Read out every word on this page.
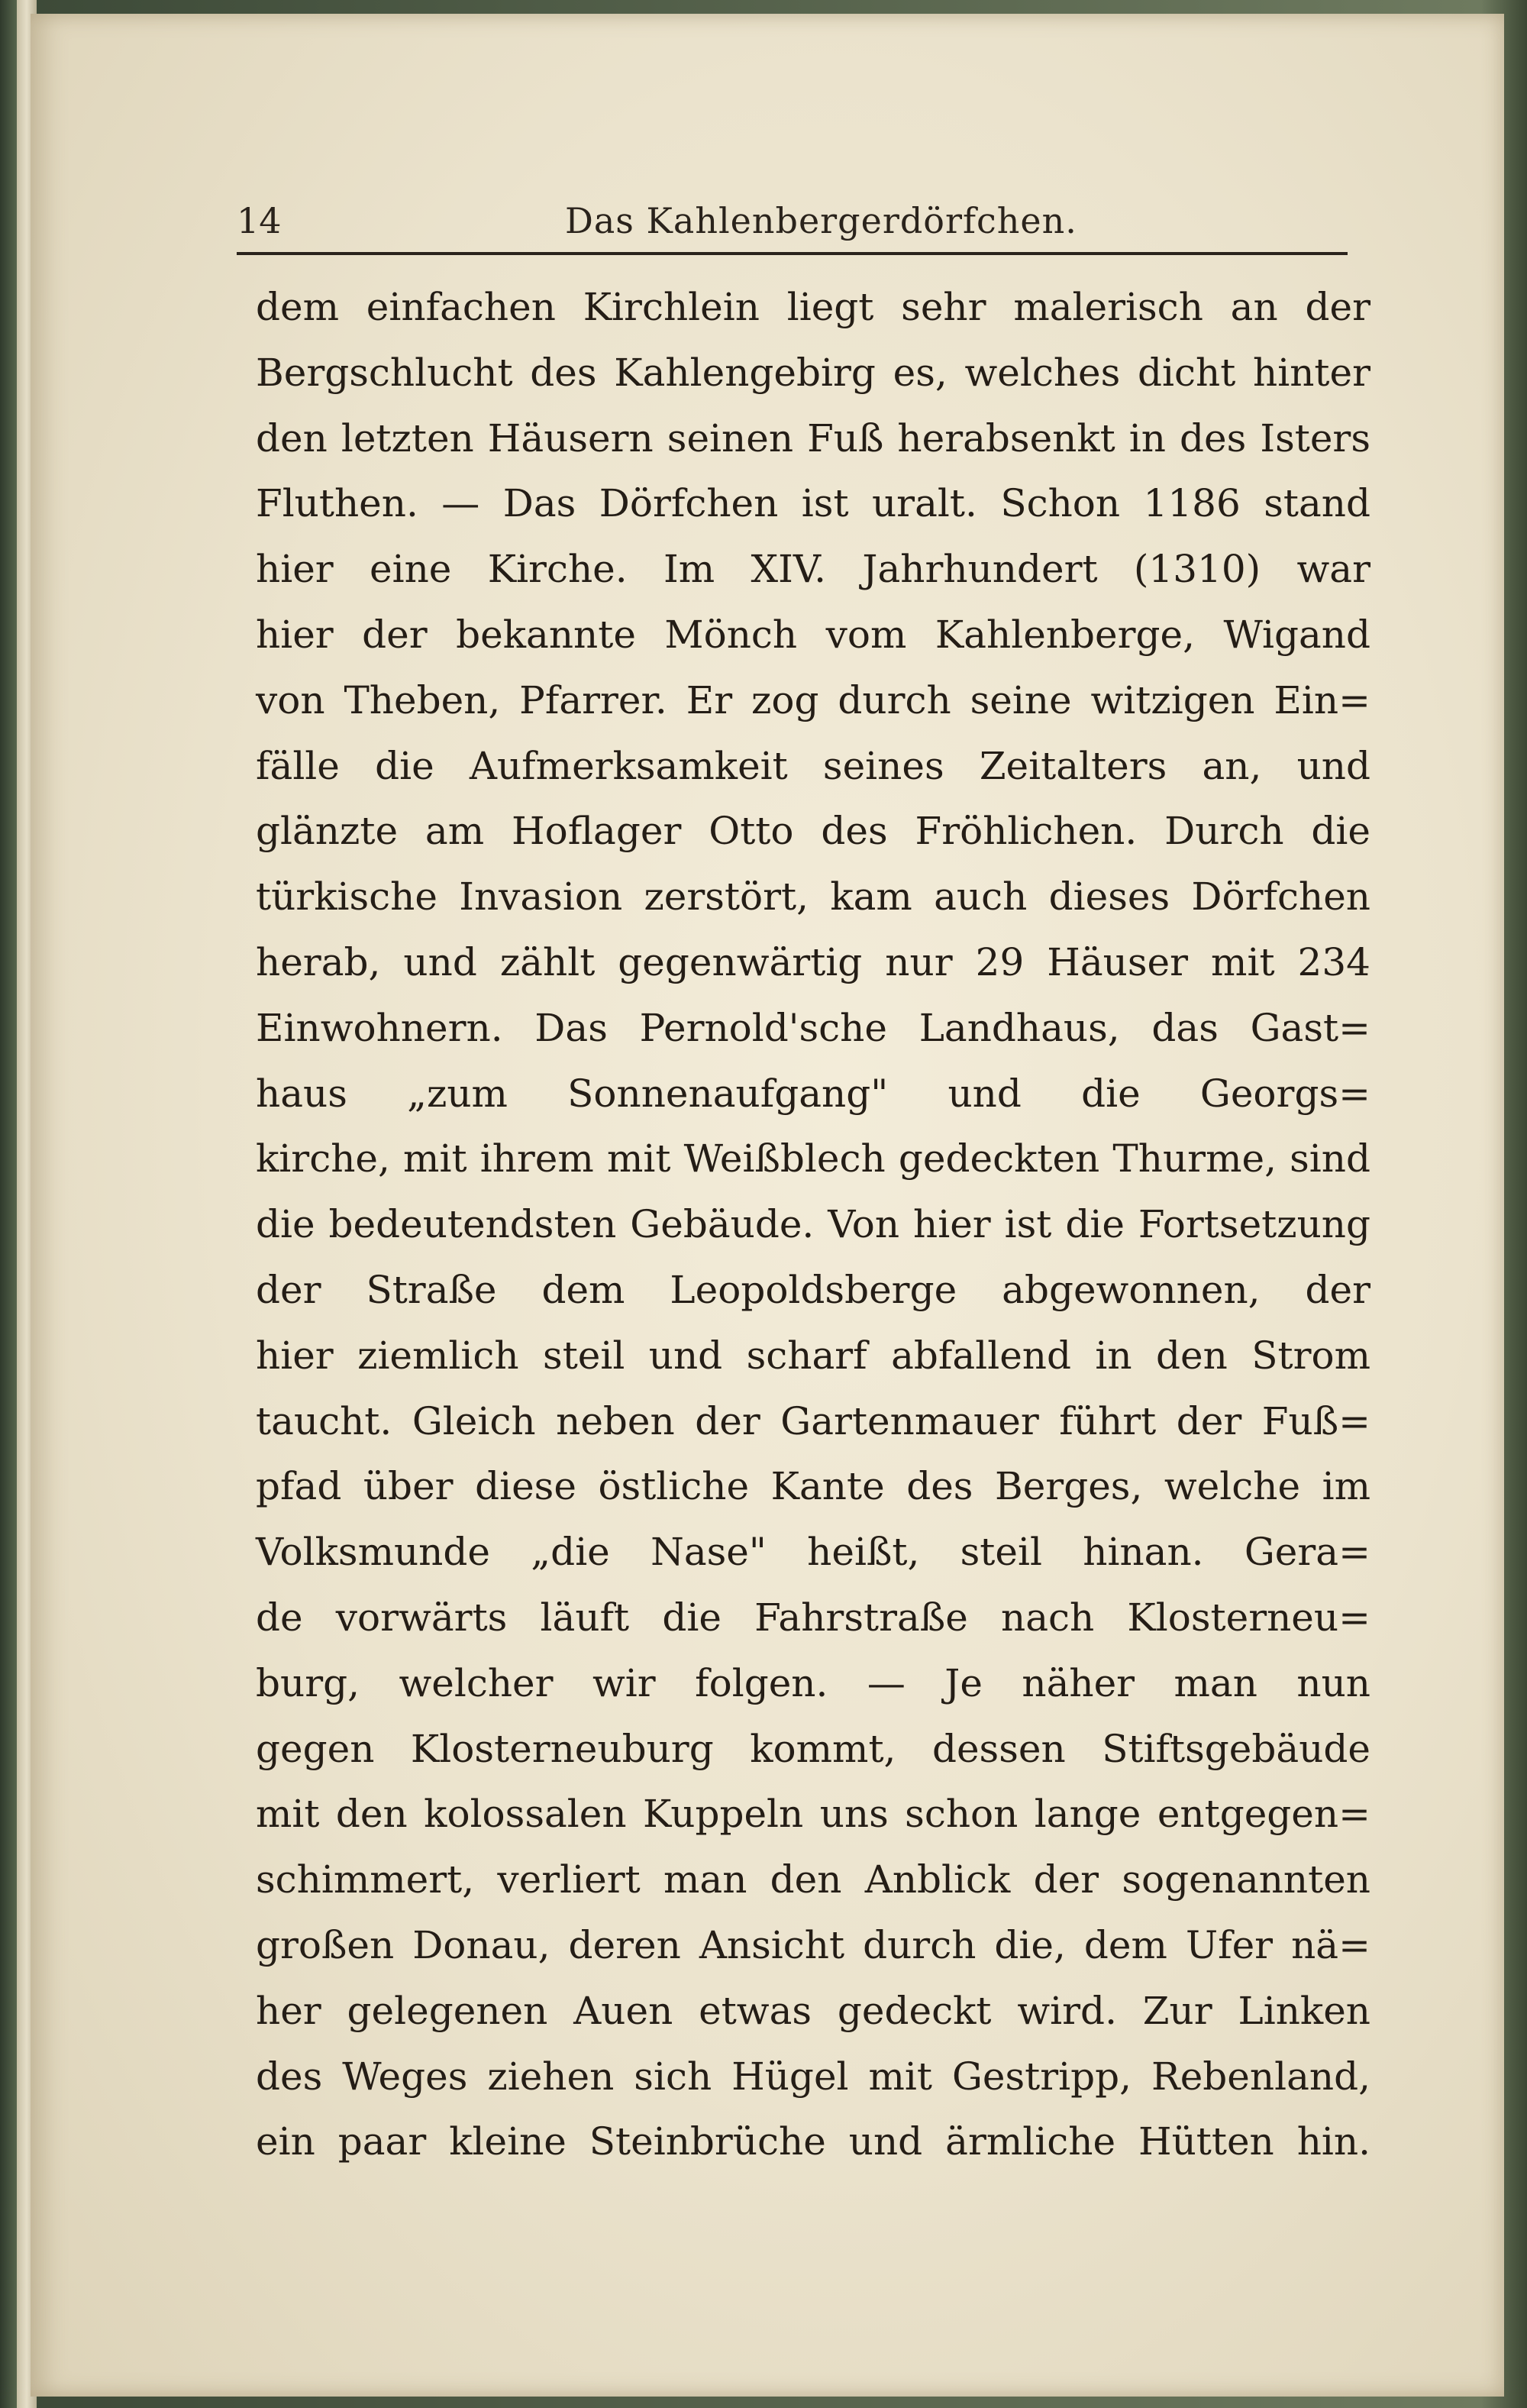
14	Das Kahlenbergerdörfchen.
dem einfachen Kirchlein liegt sehr malerisch an der
Bergschlucht des Kahlengebirg es, welches dicht hinter
den letzten Häusern seinen Fuß herabsenkt in des Isters
Fluthen. — Das Dörfchen ist uralt. Schon 1186 stand
hier eine Kirche. Im XIV. Jahrhundert (1310) war
hier der bekannte Mönch vom Kahlenberge, Wigand
von Theben, Pfarrer. Er zog durch seine witzigen Ein=
fälle die Aufmerksamkeit seines Zeitalters an, und
glänzte am Hoflager Otto des Fröhlichen. Durch die
türkische Invasion zerstört, kam auch dieses Dörfchen
herab, und zählt gegenwärtig nur 29 Häuser mit 234
Einwohnern. Das Pernold'sche Landhaus, das Gast=
haus „zum Sonnenaufgang" und die Georgs=
kirche, mit ihrem mit Weißblech gedeckten Thurme, sind
die bedeutendsten Gebäude. Von hier ist die Fortsetzung
der Straße dem Leopoldsberge abgewonnen, der
hier ziemlich steil und scharf abfallend in den Strom
taucht. Gleich neben der Gartenmauer führt der Fuß=
pfad über diese östliche Kante des Berges, welche im
Volksmunde „die Nase" heißt, steil hinan. Gera=
de vorwärts läuft die Fahrstraße nach Klosterneu=
burg, welcher wir folgen. — Je näher man nun
gegen Klosterneuburg kommt, dessen Stiftsgebäude
mit den kolossalen Kuppeln uns schon lange entgegen=
schimmert, verliert man den Anblick der sogenannten
großen Donau, deren Ansicht durch die, dem Ufer nä=
her gelegenen Auen etwas gedeckt wird. Zur Linken
des Weges ziehen sich Hügel mit Gestripp, Rebenland,
ein paar kleine Steinbrüche und ärmliche Hütten hin.
